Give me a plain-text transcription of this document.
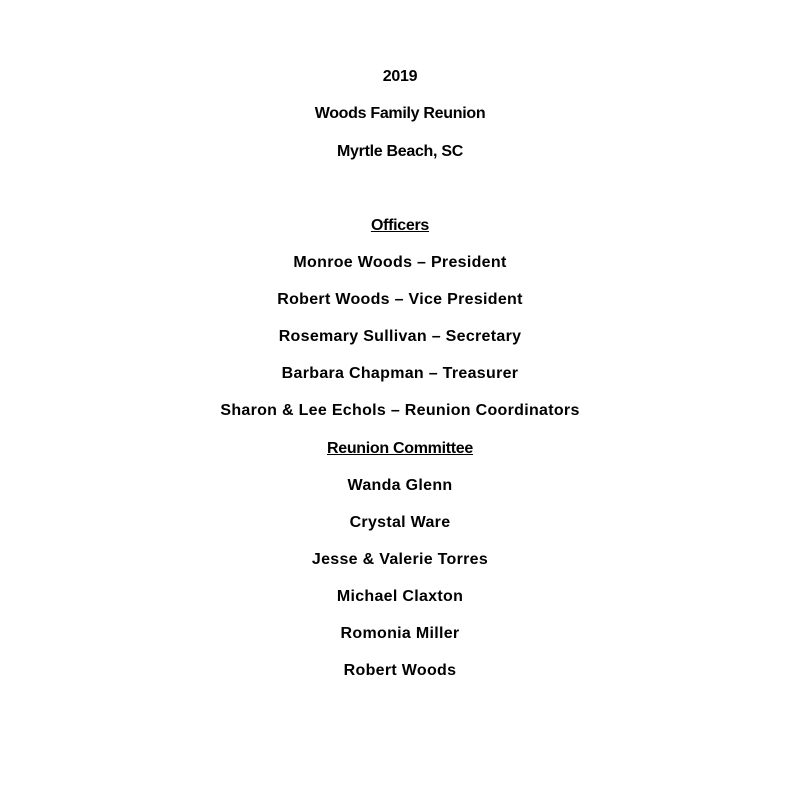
2019
Woods Family Reunion
Myrtle Beach, SC
Officers
Monroe Woods – President
Robert Woods – Vice President
Rosemary Sullivan – Secretary
Barbara Chapman – Treasurer
Sharon & Lee Echols – Reunion Coordinators
Reunion Committee
Wanda Glenn
Crystal Ware
Jesse & Valerie Torres
Michael Claxton
Romonia Miller
Robert Woods
